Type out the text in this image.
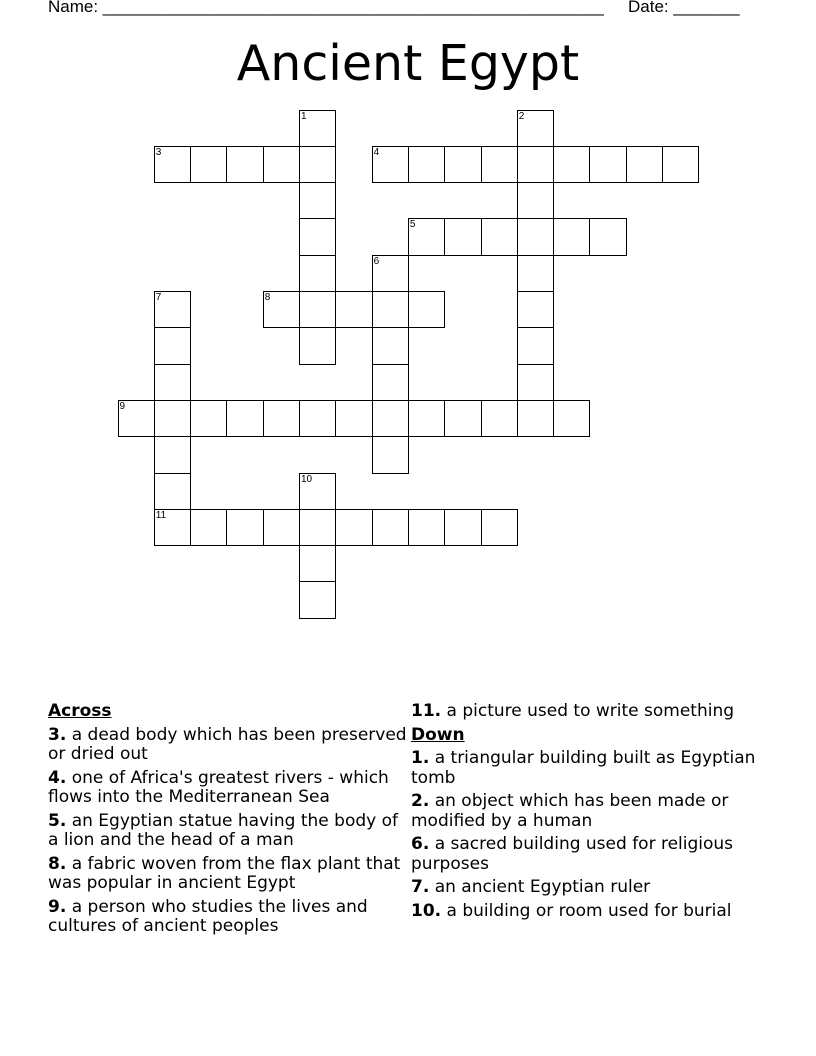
Name: _____________________________________________________ Date: _______
Ancient Egypt
1	2
3	4
5
6
7
11
8
9
10
Across
3. a dead body which has been preserved or dried out
4. one of Africa's greatest rivers - which flows into the Mediterranean Sea
5. an Egyptian statue having the body of a lion and the head of a man
8. a fabric woven from the flax plant that was popular in ancient Egypt
9. a person who studies the lives and cultures of ancient peoples
11. a picture used to write something
Down
1. a triangular building built as Egyptian tomb
2. an object which has been made or modified by a human
6. a sacred building used for religious purposes
7. an ancient Egyptian ruler
10. a building or room used for burial
